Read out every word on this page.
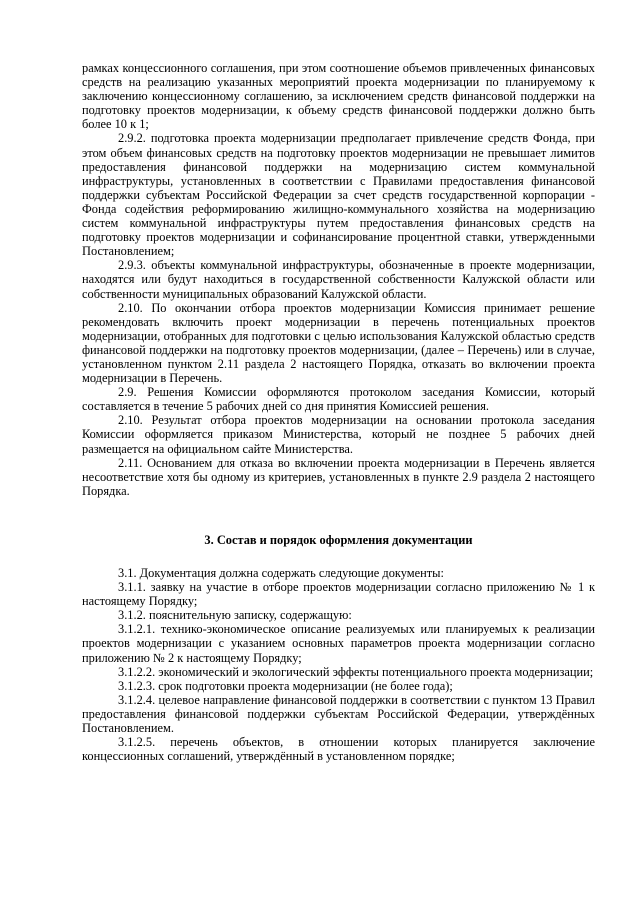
рамках концессионного соглашения, при этом соотношение объемов привлеченных финансовых средств на реализацию указанных мероприятий проекта модернизации по планируемому к заключению концессионному соглашению, за исключением средств финансовой поддержки на подготовку проектов модернизации, к объему средств финансовой поддержки должно быть более 10 к 1;

2.9.2. подготовка проекта модернизации предполагает привлечение средств Фонда, при этом объем финансовых средств на подготовку проектов модернизации не превышает лимитов предоставления финансовой поддержки на модернизацию систем коммунальной инфраструктуры, установленных в соответствии с Правилами предоставления финансовой поддержки субъектам Российской Федерации за счет средств государственной корпорации - Фонда содействия реформированию жилищно-коммунального хозяйства на модернизацию систем коммунальной инфраструктуры путем предоставления финансовых средств на подготовку проектов модернизации и софинансирование процентной ставки, утвержденными Постановлением;

2.9.3. объекты коммунальной инфраструктуры, обозначенные в проекте модернизации, находятся или будут находиться в государственной собственности Калужской области или собственности муниципальных образований Калужской области.

2.10. По окончании отбора проектов модернизации Комиссия принимает решение рекомендовать включить проект модернизации в перечень потенциальных проектов модернизации, отобранных для подготовки с целью использования Калужской областью средств финансовой поддержки на подготовку проектов модернизации, (далее – Перечень) или в случае, установленном пунктом 2.11 раздела 2 настоящего Порядка, отказать во включении проекта модернизации в Перечень.

2.9. Решения Комиссии оформляются протоколом заседания Комиссии, который составляется в течение 5 рабочих дней со дня принятия Комиссией решения.

2.10. Результат отбора проектов модернизации на основании протокола заседания Комиссии оформляется приказом Министерства, который не позднее 5 рабочих дней размещается на официальном сайте Министерства.

2.11. Основанием для отказа во включении проекта модернизации в Перечень является несоответствие хотя бы одному из критериев, установленных в пункте 2.9 раздела 2 настоящего Порядка.

3. Состав и порядок оформления документации

3.1. Документация должна содержать следующие документы:

3.1.1. заявку на участие в отборе проектов модернизации согласно приложению № 1 к настоящему Порядку;

3.1.2. пояснительную записку, содержащую:

3.1.2.1. технико-экономическое описание реализуемых или планируемых к реализации проектов модернизации с указанием основных параметров проекта модернизации согласно приложению № 2 к настоящему Порядку;

3.1.2.2. экономический и экологический эффекты потенциального проекта модернизации;

3.1.2.3. срок подготовки проекта модернизации (не более года);

3.1.2.4. целевое направление финансовой поддержки в соответствии с пунктом 13 Правил предоставления финансовой поддержки субъектам Российской Федерации, утверждённых Постановлением.

3.1.2.5. перечень объектов, в отношении которых планируется заключение концессионных соглашений, утверждённый в установленном порядке;
